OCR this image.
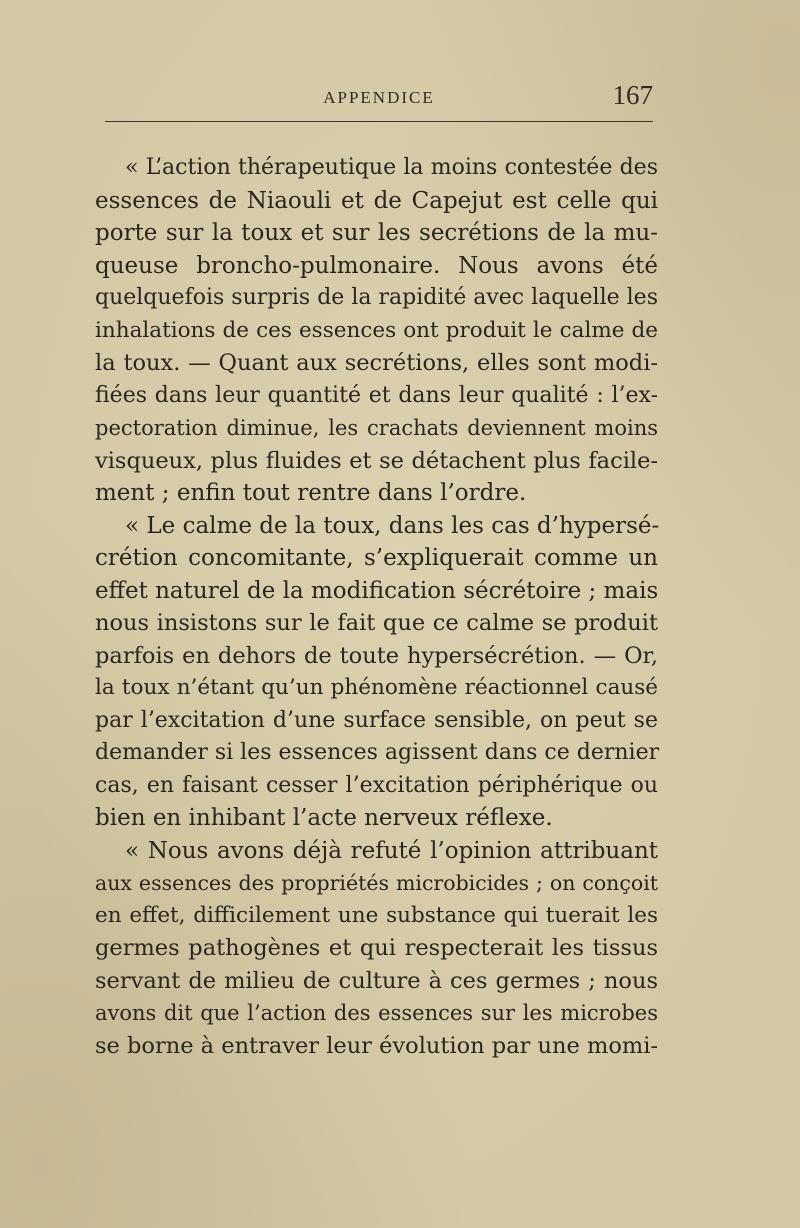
APPENDICE	167
« L’action thérapeutique la moins contestée des
essences de Niaouli et de Capejut est celle qui
porte sur la toux et sur les secrétions de la mu-
queuse broncho-pulmonaire. Nous avons été
quelquefois surpris de la rapidité avec laquelle les
inhalations de ces essences ont produit le calme de
la toux. — Quant aux secrétions, elles sont modi-
fiées dans leur quantité et dans leur qualité : l’ex-
pectoration diminue, les crachats deviennent moins
visqueux, plus fluides et se détachent plus facile-
ment ; enfin tout rentre dans l’ordre.
« Le calme de la toux, dans les cas d’hypersé-
crétion concomitante, s’expliquerait comme un
effet naturel de la modification sécrétoire ; mais
nous insistons sur le fait que ce calme se produit
parfois en dehors de toute hypersécrétion. — Or,
la toux n’étant qu’un phénomène réactionnel causé
par l’excitation d’une surface sensible, on peut se
demander si les essences agissent dans ce dernier
cas, en faisant cesser l’excitation périphérique ou
bien en inhibant l’acte nerveux réflexe.
« Nous avons déjà refuté l’opinion attribuant
aux essences des propriétés microbicides ; on conçoit
en effet, difficilement une substance qui tuerait les
germes pathogènes et qui respecterait les tissus
servant de milieu de culture à ces germes ; nous
avons dit que l’action des essences sur les microbes
se borne à entraver leur évolution par une momi-
